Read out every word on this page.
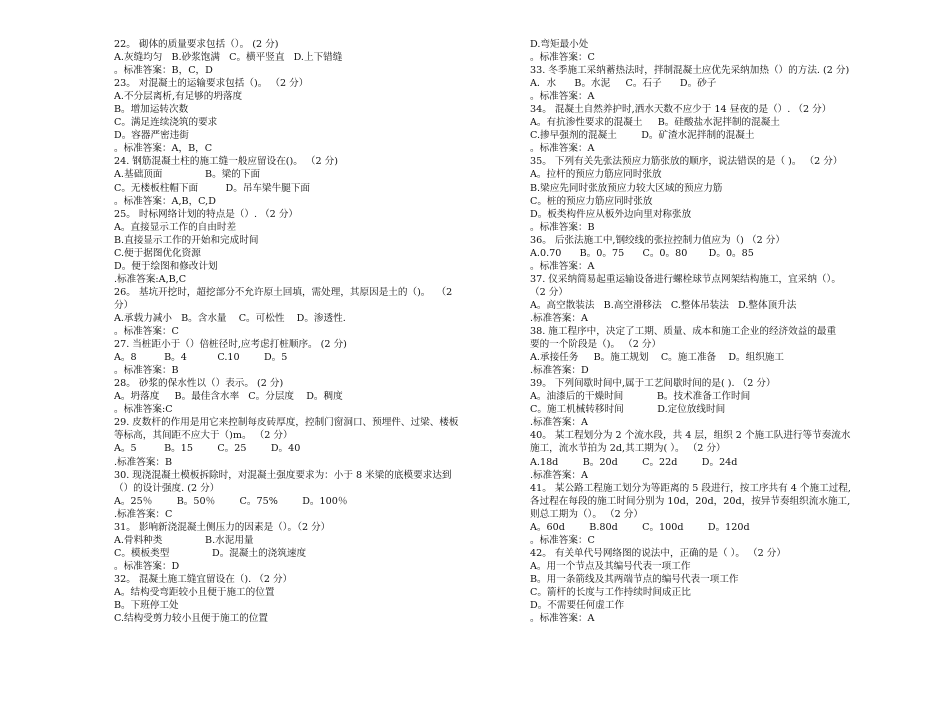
22。 砌体的质量要求包括（）。 (2 分)
A.灰缝均匀   B.砂浆饱满   C。横平竖直   D.上下错缝
。标准答案：B，C，D
23。 对混凝土的运输要求包括（)。 （2 分）
A.不分层离析,有足够的坍落度
B。增加运转次数
C。满足连续浇筑的要求
D。容器严密违街
。标准答案：A，B，C
24. 钢筋混凝土柱的施工缝一般应留设在()。 （2 分)
A.基础顶面              B。梁的下面
C。无楼板柱帽下面         D。吊车梁牛腿下面
。标准答案：A,B，C,D
25。 时标网络计划的特点是（）. （2 分）
A。直接显示工作的自由时差
B.直接显示工作的开始和完成时间
C.便于据图优化资源
D。便于绘图和修改计划
.标准答案:A,B,C
26。 基坑开挖时，超挖部分不允许原土回填，需处理，其原因是土的（)。  （2
分）
A.承载力减小   B。含水量    C。可松性    D。渗透性.
。标准答案：C
27. 当桩距小于（）倍桩径时,应考虑打桩顺序。 (2 分)
A。8         B。4          C.10        D。5
。标准答案：B
28。 砂浆的保水性以（）表示。 (2 分)
A。坍落度     B。最佳含水率   C。分层度    D。稠度
。标准答案:C
29. 皮数杆的作用是用它来控制每皮砖厚度，控制门窗洞口、预埋件、过梁、楼板
等标高，其间距不应大于（)m。 （2 分）
A。5         B。15        C。25        D。40
.标准答案：B
30. 现浇混凝土模板拆除时，对混凝土强度要求为：小于 8 米梁的底模要求达到
（）的设计强度. (2 分）
A。25％        B。50％        C。75%        D。100％
.标准答案：C
31。 影响新浇混凝土侧压力的因素是（）。（2 分）
A.骨料种类              B.水泥用量
C。模板类型              D。混凝土的浇筑速度
。标准答案：D
32。 混凝土施工缝宜留设在（). （2 分）
A。结构受弯距较小且便于施工的位置
B。下班停工处
C.结构受剪力较小且便于施工的位置
D.弯矩最小处
。标准答案：C
33. 冬季施工采纳蓄热法时，拌制混凝土应优先采纳加热（）的方法. (2 分)
A．水      B。水泥     C。石子      D。砂子
。标准答案：A
34。 混凝土自然养护时,洒水天数不应少于 14 昼夜的是（）. （2 分）
A。有抗渗性要求的混凝土     B。硅酸盐水泥拌制的混凝土
C.掺早强剂的混凝土        D。矿渣水泥拌制的混凝土
。标准答案：A
35。 下列有关先张法预应力筋张放的顺序，说法错误的是（ )。 （2 分）
A。拉杆的预应力筋应同时张放
B.梁应先同时张放预应力较大区域的预应力筋
C。桩的预应力筋应同时张放
D。板类构件应从板外边向里对称张放
。标准答案：B
36。 后张法施工中,钢绞线的张拉控制力值应为（) （2 分）
A.0.70      B。0。75      C。0。80       D。0。85
。标准答案：A
37. 仪采纳简易起重运输设备进行螺栓球节点网架结构施工，宜采纳（）。
（2 分）
A。高空散装法   B.高空滑移法   C.整体吊装法   D.整体顶升法
.标准答案：A
38. 施工程序中，决定了工期、质量、成本和施工企业的经济效益的最重
要的一个阶段是（)。 （2 分）
A.承接任务     B。施工规划    C。施工准备    D。组织施工
.标准答案：D
39。 下列间歇时间中,属于工艺间歇时间的是( ). （2 分）
A。油漆后的干燥时间           B。技术准备工作时间
C。施工机械转移时间           D.定位放线时间
.标准答案：A
40。 某工程划分为 2 个流水段，共 4 层，组织 2 个施工队进行等节奏流水
施工，流水节拍为 2d,其工期为( ）。 （2 分）
A.18d        B。20d        C。22d        D。24d
.标准答案：A
41。 某公路工程施工划分为等距离的 5 段进行，按工序共有 4 个施工过程,
各过程在每段的施工时间分别为 10d，20d，20d，按异节奏组织流水施工,
则总工期为（）。 （2 分）
A。60d        B.80d        C。100d        D。120d
。标准答案：C
42。 有关单代号网络图的说法中，正确的是（ ）。 （2 分）
A。用一个节点及其编号代表一项工作
B。用一条箭线及其两端节点的编号代表一项工作
C。箭杆的长度与工作持续时间成正比
D。不需要任何虚工作
。标准答案：A
